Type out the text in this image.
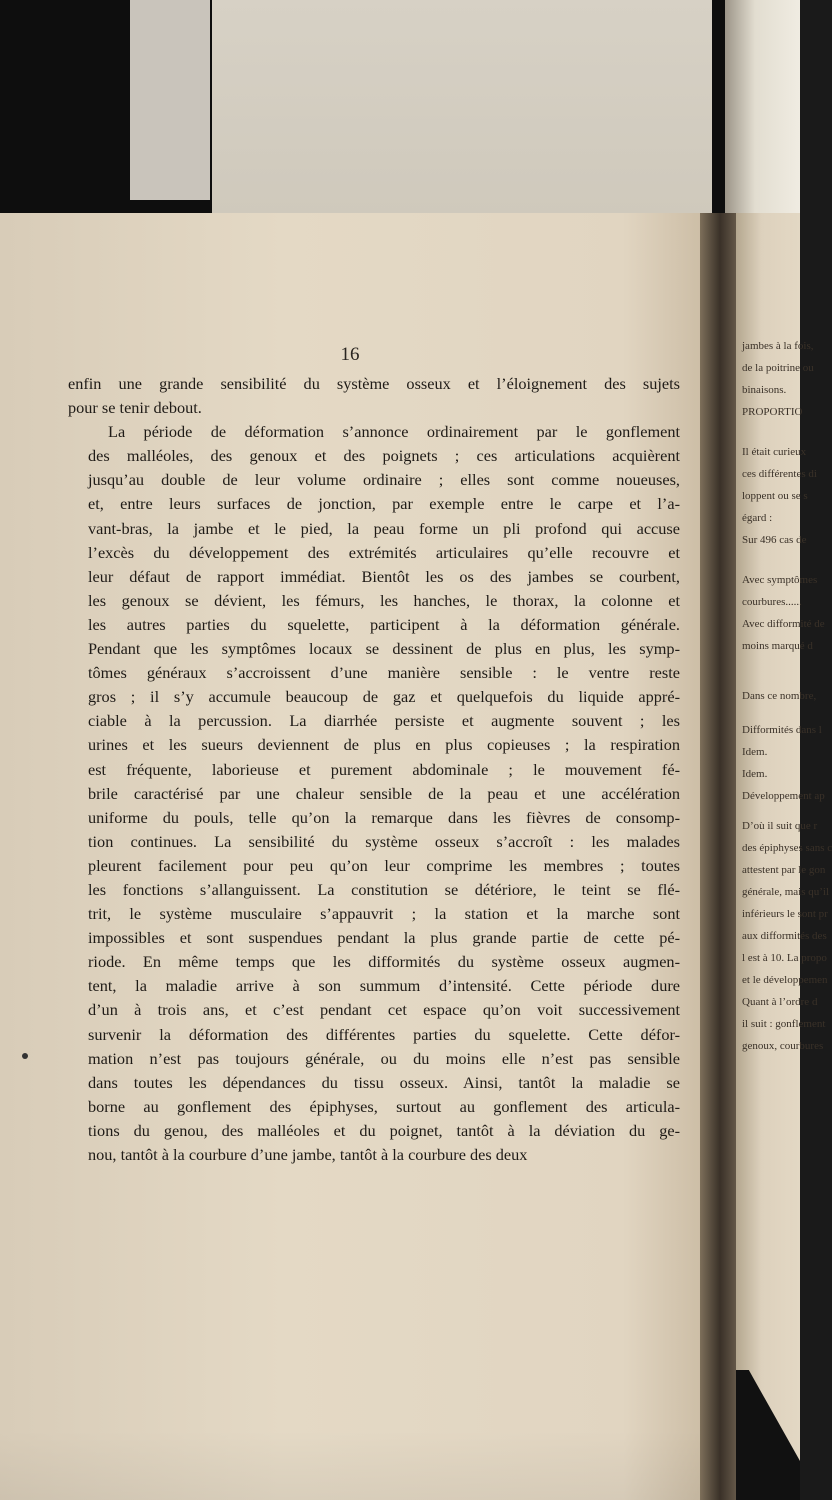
16

enfin une grande sensibilité du système osseux et l’éloignement des sujets
pour se tenir debout.

La période de déformation s’annonce ordinairement par le gonflement
des malléoles, des genoux et des poignets ; ces articulations acquièrent
jusqu’au double de leur volume ordinaire ; elles sont comme noueuses,
et, entre leurs surfaces de jonction, par exemple entre le carpe et l’a-
vant-bras, la jambe et le pied, la peau forme un pli profond qui accuse
l’excès du développement des extrémités articulaires qu’elle recouvre et
leur défaut de rapport immédiat. Bientôt les os des jambes se courbent,
les genoux se dévient, les fémurs, les hanches, le thorax, la colonne et
les autres parties du squelette, participent à la déformation générale.
Pendant que les symptômes locaux se dessinent de plus en plus, les symp-
tômes généraux s’accroissent d’une manière sensible : le ventre reste
gros ; il s’y accumule beaucoup de gaz et quelquefois du liquide appré-
ciable à la percussion. La diarrhée persiste et augmente souvent ; les
urines et les sueurs deviennent de plus en plus copieuses ; la respiration
est fréquente, laborieuse et purement abdominale ; le mouvement fé-
brile caractérisé par une chaleur sensible de la peau et une accélération
uniforme du pouls, telle qu’on la remarque dans les fièvres de consomp-
tion continues. La sensibilité du système osseux s’accroît : les malades
pleurent facilement pour peu qu’on leur comprime les membres ; toutes
les fonctions s’allanguissent. La constitution se détériore, le teint se flé-
trit, le système musculaire s’appauvrit ; la station et la marche sont
impossibles et sont suspendues pendant la plus grande partie de cette pé-
riode. En même temps que les difformités du système osseux augmen-
tent, la maladie arrive à son summum d’intensité. Cette période dure
d’un à trois ans, et c’est pendant cet espace qu’on voit successivement
survenir la déformation des différentes parties du squelette. Cette défor-
mation n’est pas toujours générale, ou du moins elle n’est pas sensible
dans toutes les dépendances du tissu osseux. Ainsi, tantôt la maladie se
borne au gonflement des épiphyses, surtout au gonflement des articula-
tions du genou, des malléoles et du poignet, tantôt à la déviation du ge-
nou, tantôt à la courbure d’une jambe, tantôt à la courbure des deux

jambes à la fois,
de la poitrine ou
binaisons.
PROPORTIO
Il était curieux
ces différentes di
loppent ou se s
égard :
Sur 496 cas de
Avec symptômes
courbures......
Avec difformité de
moins marqué d
Dans ce nombre,
Difformités dans l
Idem.
Idem.
Développement ap
D’où il suit que r
des épiphyses sans c
attestent par le gon
générale, mais qu’il
inférieurs le sont pr
aux difformités des
l est à 10. La propo
et le développemen
Quant à l’ordre d
il suit : gonflement
genoux, courbures
